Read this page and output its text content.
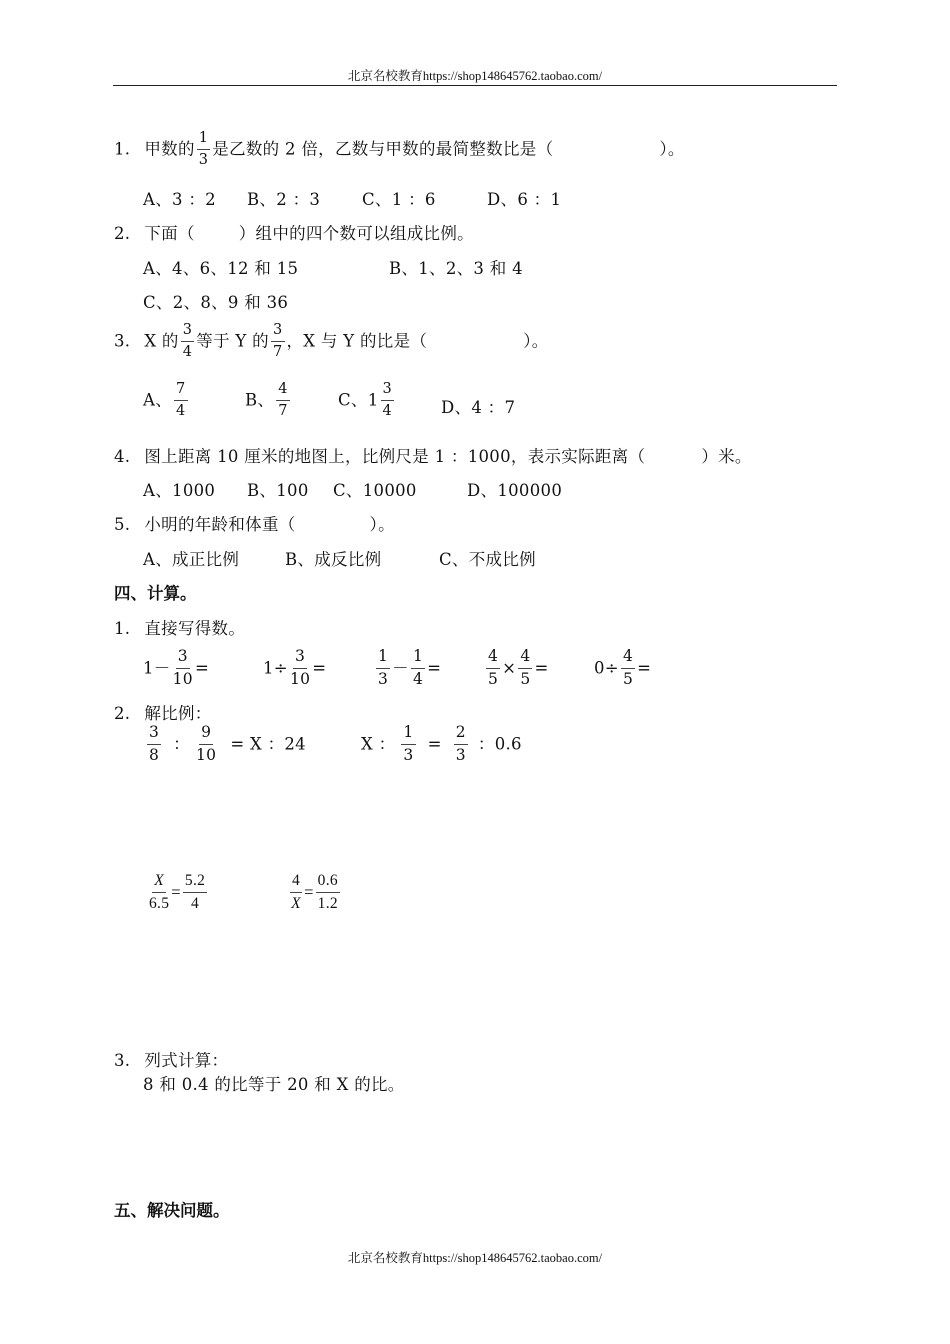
北京名校教育https://shop148645762.taobao.com/
1. 甲数的 $\frac{1}{3}$ 是乙数的 2 倍，乙数与甲数的最简整数比是（	）。
A、3 ：2 B、2 ：3	C、1 ：6	D、6 ：1
2. 下面（	）组中的四个数可以组成比例。
A、4、6、12 和 15	B、1、2、3 和 4
C、2、8、9 和 36
3. X 的 $\frac{3}{4}$ 等于 Y 的 $\frac{3}{7}$ ，X 与 Y 的比是（	）。
A、 $\frac{7}{4}$	B、 $\frac{4}{7}$	C、$1 \frac{3}{4}$	D、4 ：7
4. 图上距离 10 厘米的地图上，比例尺是 1 ：1000，表示实际距离（	）米。
A、1000 B、100 C、10000	D、100000
5. 小明的年龄和体重（	）。
A、成正比例	B、成反比例	C、不成比例
四、计算。
1. 直接写得数。
$1- \frac{3}{10}$ =	$1\div \frac{3}{10}$ =	$\frac{1}{3} - \frac{1}{4}$ =	$\frac{4}{5} \times \frac{4}{5}$ =	$0\div \frac{4}{5}$ =
2. 解比例：
$\frac{3}{8}$ ： $\frac{9}{10} = X$ ：24	X ： $\frac{1}{3} = \frac{2}{3}$ ：0.6
$\frac{X}{6.5} = \frac{5.2}{4}$	$\frac{4}{X} = \frac{0.6}{1.2}$
3. 列式计算：
8 和 0.4 的比等于 20 和 X 的比。
五、解决问题。
北京名校教育https://shop148645762.taobao.com/
